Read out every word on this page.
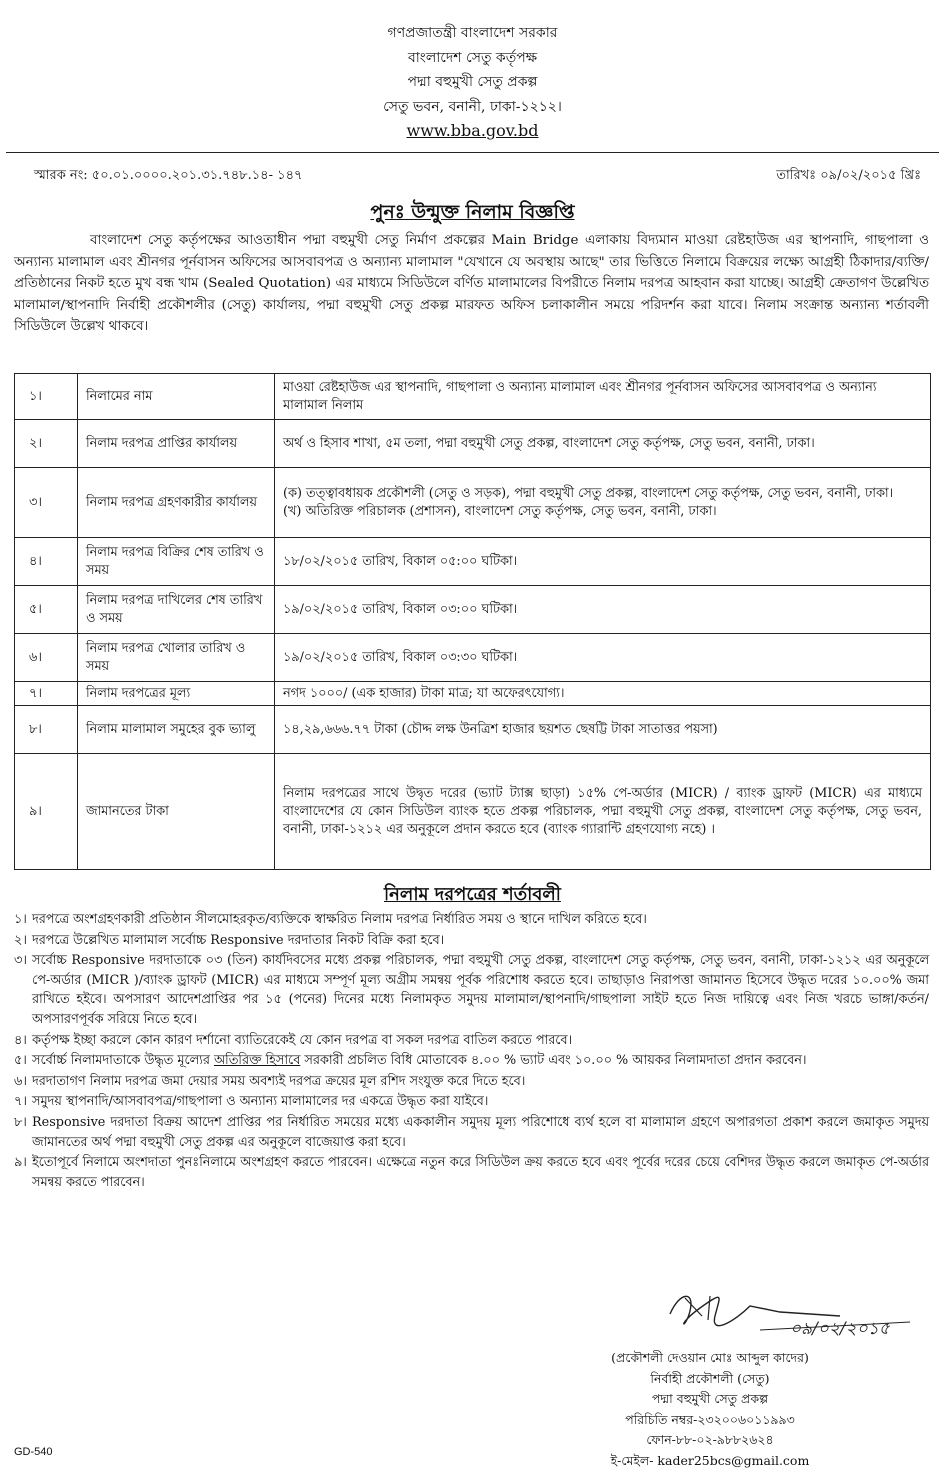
গণপ্রজাতন্ত্রী বাংলাদেশ সরকার
বাংলাদেশ সেতু কর্তৃপক্ষ
পদ্মা বহুমুখী সেতু প্রকল্প
সেতু ভবন, বনানী, ঢাকা-১২১২।
www.bba.gov.bd
স্মারক নং: ৫০.০১.০০০০.২০১.৩১.৭৪৮.১৪- ১৪৭	তারিখঃ ০৯/০২/২০১৫ খ্রিঃ
পুনঃ উন্মুক্ত নিলাম বিজ্ঞপ্তি
বাংলাদেশ সেতু কর্তৃপক্ষের আওতাধীন পদ্মা বহুমুখী সেতু নির্মাণ প্রকল্পের Main Bridge এলাকায় বিদ্যমান মাওয়া রেষ্টহাউজ এর স্থাপনাদি, গাছপালা ও অন্যান্য মালামাল এবং শ্রীনগর পূর্নবাসন অফিসের আসবাবপত্র ও অন্যান্য মালামাল "যেখানে যে অবস্থায় আছে" তার ভিত্তিতে নিলামে বিক্রয়ের লক্ষ্যে আগ্রহী ঠিকাদার/ব্যক্তি/ প্রতিষ্ঠানের নিকট হতে মুখ বন্ধ খাম (Sealed Quotation) এর মাধ্যমে সিডিউলে বর্ণিত মালামালের বিপরীতে নিলাম দরপত্র আহবান করা যাচ্ছে। আগ্রহী ক্রেতাগণ উল্লেখিত মালামাল/স্থাপনাদি নির্বাহী প্রকৌশলীর (সেতু) কার্যালয়, পদ্মা বহুমুখী সেতু প্রকল্প মারফত অফিস চলাকালীন সময়ে পরিদর্শন করা যাবে। নিলাম সংক্রান্ত অন্যান্য শর্তাবলী সিডিউলে উল্লেখ থাকবে।
১।	নিলামের নাম	মাওয়া রেষ্টহাউজ এর স্থাপনাদি, গাছপালা ও অন্যান্য মালামাল এবং শ্রীনগর পূর্নবাসন অফিসের আসবাবপত্র ও অন্যান্য মালামাল নিলাম
২।	নিলাম দরপত্র প্রাপ্তির কার্যালয়	অর্থ ও হিসাব শাখা, ৫ম তলা, পদ্মা বহুমুখী সেতু প্রকল্প, বাংলাদেশ সেতু কর্তৃপক্ষ, সেতু ভবন, বনানী, ঢাকা।
৩।	নিলাম দরপত্র গ্রহণকারীর কার্যালয়	(ক) তত্ত্বাবধায়ক প্রকৌশলী (সেতু ও সড়ক), পদ্মা বহুমুখী সেতু প্রকল্প, বাংলাদেশ সেতু কর্তৃপক্ষ, সেতু ভবন, বনানী, ঢাকা।
(খ) অতিরিক্ত পরিচালক (প্রশাসন), বাংলাদেশ সেতু কর্তৃপক্ষ, সেতু ভবন, বনানী, ঢাকা।

৪।	নিলাম দরপত্র বিক্রির শেষ তারিখ ও সময়	১৮/০২/২০১৫ তারিখ, বিকাল ০৫:০০ ঘটিকা।
৫।	নিলাম দরপত্র দাখিলের শেষ তারিখ ও সময়	১৯/০২/২০১৫ তারিখ, বিকাল ০৩:০০ ঘটিকা।
৬।	নিলাম দরপত্র খোলার তারিখ ও সময়	১৯/০২/২০১৫ তারিখ, বিকাল ০৩:৩০ ঘটিকা।
৭।	নিলাম দরপত্রের মূল্য	নগদ ১০০০/ (এক হাজার) টাকা মাত্র; যা অফেরৎযোগ্য।
৮।	নিলাম মালামাল সমুহের বুক ভ্যালু	১৪,২৯,৬৬৬.৭৭ টাকা (চৌদ্দ লক্ষ উনত্রিশ হাজার ছয়শত ছেষট্টি টাকা সাতাত্তর পয়সা)
৯।	জামানতের টাকা	নিলাম দরপত্রের সাথে উদ্বৃত দরের (ভ্যাট ট্যাক্স ছাড়া) ১৫% পে-অর্ডার (MICR) / ব্যাংক ড্রাফট (MICR) এর মাধ্যমে বাংলাদেশের যে কোন সিডিউল ব্যাংক হতে প্রকল্প পরিচালক, পদ্মা বহুমুখী সেতু প্রকল্প, বাংলাদেশ সেতু কর্তৃপক্ষ, সেতু ভবন, বনানী, ঢাকা-১২১২ এর অনুকূলে প্রদান করতে হবে (ব্যাংক গ্যারান্টি গ্রহণযোগ্য নহে) ।
নিলাম দরপত্রের শর্তাবলী
১। দরপত্রে অংশগ্রহণকারী প্রতিষ্ঠান সীলমোহরকৃত/ব্যক্তিকে স্বাক্ষরিত নিলাম দরপত্র নির্ধারিত সময় ও স্থানে দাখিল করিতে হবে।
২। দরপত্রে উল্লেখিত মালামাল সর্বোচ্চ Responsive দরদাতার নিকট বিক্রি করা হবে।
৩। সর্বোচ্চ Responsive দরদাতাকে ০৩ (তিন) কার্যদিবসের মধ্যে প্রকল্প পরিচালক, পদ্মা বহুমুখী সেতু প্রকল্প, বাংলাদেশ সেতু কর্তৃপক্ষ, সেতু ভবন, বনানী, ঢাকা-১২১২ এর অনুকূলে পে-অর্ডার (MICR )/ব্যাংক ড্রাফট (MICR) এর মাধ্যমে সম্পূর্ণ মূল্য অগ্রীম সমন্বয় পূর্বক পরিশোধ করতে হবে। তাছাড়াও নিরাপত্তা জামানত হিসেবে উদ্ধৃত দরের ১০.০০% জমা রাখিতে হইবে। অপসারণ আদেশপ্রাপ্তির পর ১৫ (পনের) দিনের মধ্যে নিলামকৃত সমুদয় মালামাল/স্থাপনাদি/গাছপালা সাইট হতে নিজ দায়িত্বে এবং নিজ খরচে ভাঙ্গা/কর্তন/অপসারণপূর্বক সরিয়ে নিতে হবে।
৪। কর্তৃপক্ষ ইচ্ছা করলে কোন কারণ দর্শানো ব্যাতিরেকেই যে কোন দরপত্র বা সকল দরপত্র বাতিল করতে পারবে।
৫। সর্বোর্চ্চ নিলামদাতাকে উদ্ধৃত মূল্যের অতিরিক্ত হিসাবে সরকারী প্রচলিত বিধি মোতাবেক ৪.০০ % ভ্যাট এবং ১০.০০ % আয়কর নিলামদাতা প্রদান করবেন।
৬। দরদাতাগণ নিলাম দরপত্র জমা দেয়ার সময় অবশ্যই দরপত্র ক্রয়ের মূল রশিদ সংযুক্ত করে দিতে হবে।
৭। সমুদয় স্থাপনাদি/আসবাবপত্র/গাছপালা ও অন্যান্য মালামালের দর একত্রে উদ্ধৃত করা যাইবে।
৮। Responsive দরদাতা বিক্রয় আদেশ প্রাপ্তির পর নির্ধারিত সময়ের মধ্যে এককালীন সমুদয় মূল্য পরিশোধে ব্যর্থ হলে বা মালামাল গ্রহণে অপারগতা প্রকাশ করলে জমাকৃত সমুদয় জামানতের অর্থ পদ্মা বহুমুখী সেতু প্রকল্প এর অনুকূলে বাজেয়াপ্ত করা হবে।
৯। ইতোপূর্বে নিলামে অংশদাতা পুনঃনিলামে অংশগ্রহণ করতে পারবেন। এক্ষেত্রে নতুন করে সিডিউল ক্রয় করতে হবে এবং পূর্বের দরের চেয়ে বেশিদর উদ্ধৃত করলে জমাকৃত পে-অর্ডার সমন্বয় করতে পারবেন।
০৯/০২/২০১৫
(প্রকৌশলী দেওয়ান মোঃ আব্দুল কাদের)
নির্বাহী প্রকৌশলী (সেতু)
পদ্মা বহুমুখী সেতু প্রকল্প
পরিচিতি নম্বর-২৩২০০৬০১১৯৯৩
ফোন-৮৮-০২-৯৮৮২৬২৪
ই-মেইল- kader25bcs@gmail.com
GD-540
